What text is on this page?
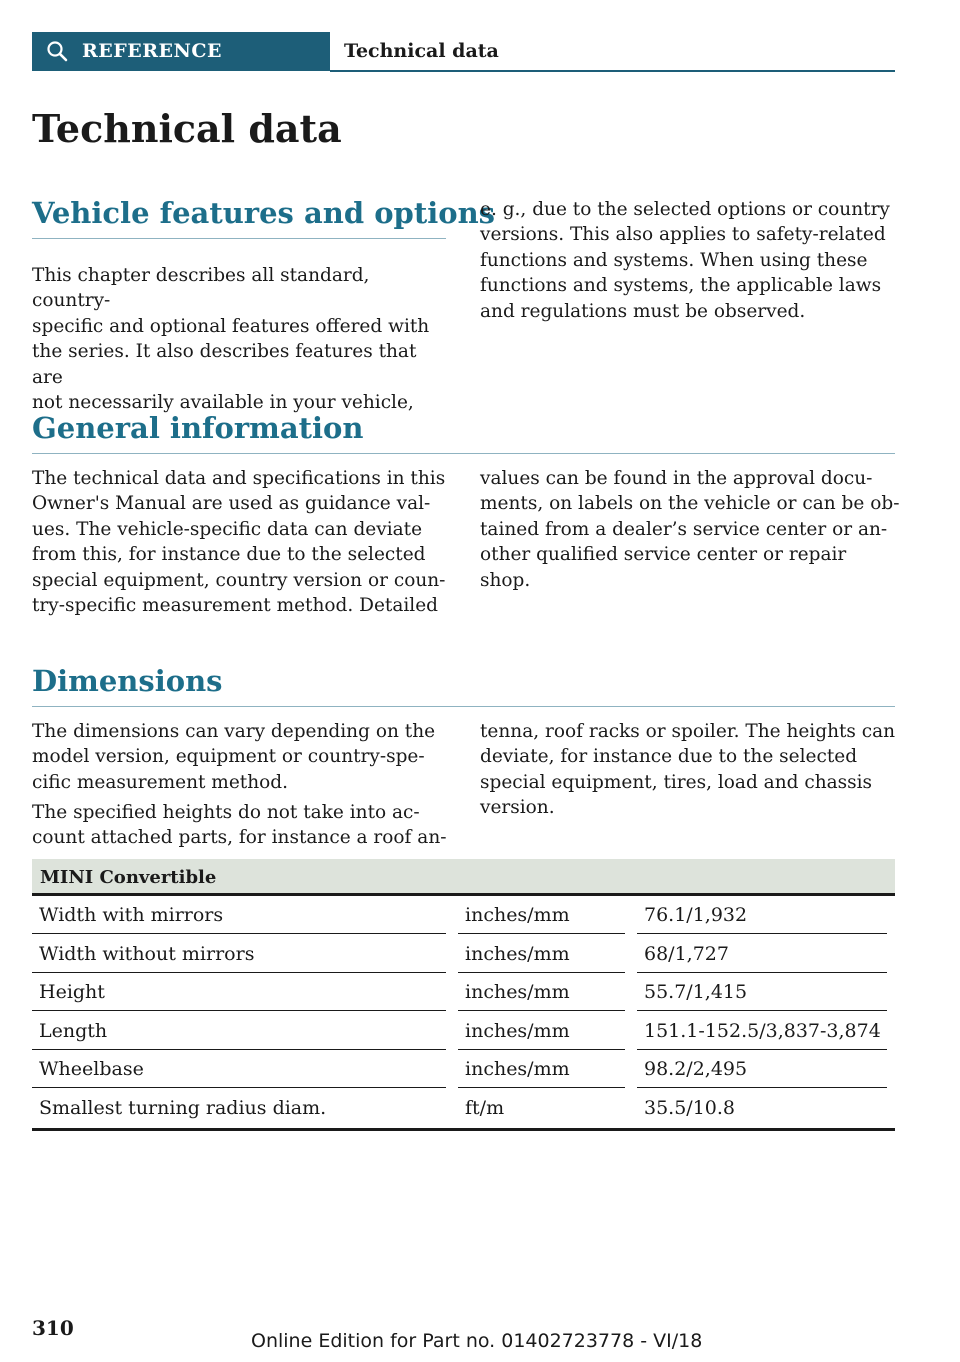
REFERENCE	Technical data
Technical data
Vehicle features and options

This chapter describes all standard, country-
specific and optional features offered with
the series. It also describes features that are
not necessarily available in your vehicle,

e. g., due to the selected options or country
versions. This also applies to safety-related
functions and systems. When using these
functions and systems, the applicable laws
and regulations must be observed.

General information

The technical data and specifications in this
Owner's Manual are used as guidance val-
ues. The vehicle-specific data can deviate
from this, for instance due to the selected
special equipment, country version or coun-
try-specific measurement method. Detailed

values can be found in the approval docu-
ments, on labels on the vehicle or can be ob-
tained from a dealer’s service center or an-
other qualified service center or repair
shop.

Dimensions

The dimensions can vary depending on the
model version, equipment or country-spe-
cific measurement method.

The specified heights do not take into ac-
count attached parts, for instance a roof an-

tenna, roof racks or spoiler. The heights can
deviate, for instance due to the selected
special equipment, tires, load and chassis
version.

MINI Convertible
Width with mirrors	inches/mm	76.1/1,932
Width without mirrors	inches/mm	68/1,727
Height	inches/mm	55.7/1,415
Length	inches/mm	151.1-152.5/3,837-3,874
Wheelbase	inches/mm	98.2/2,495
Smallest turning radius diam.	ft/m	35.5/10.8
310
Online Edition for Part no. 01402723778 - VI/18
